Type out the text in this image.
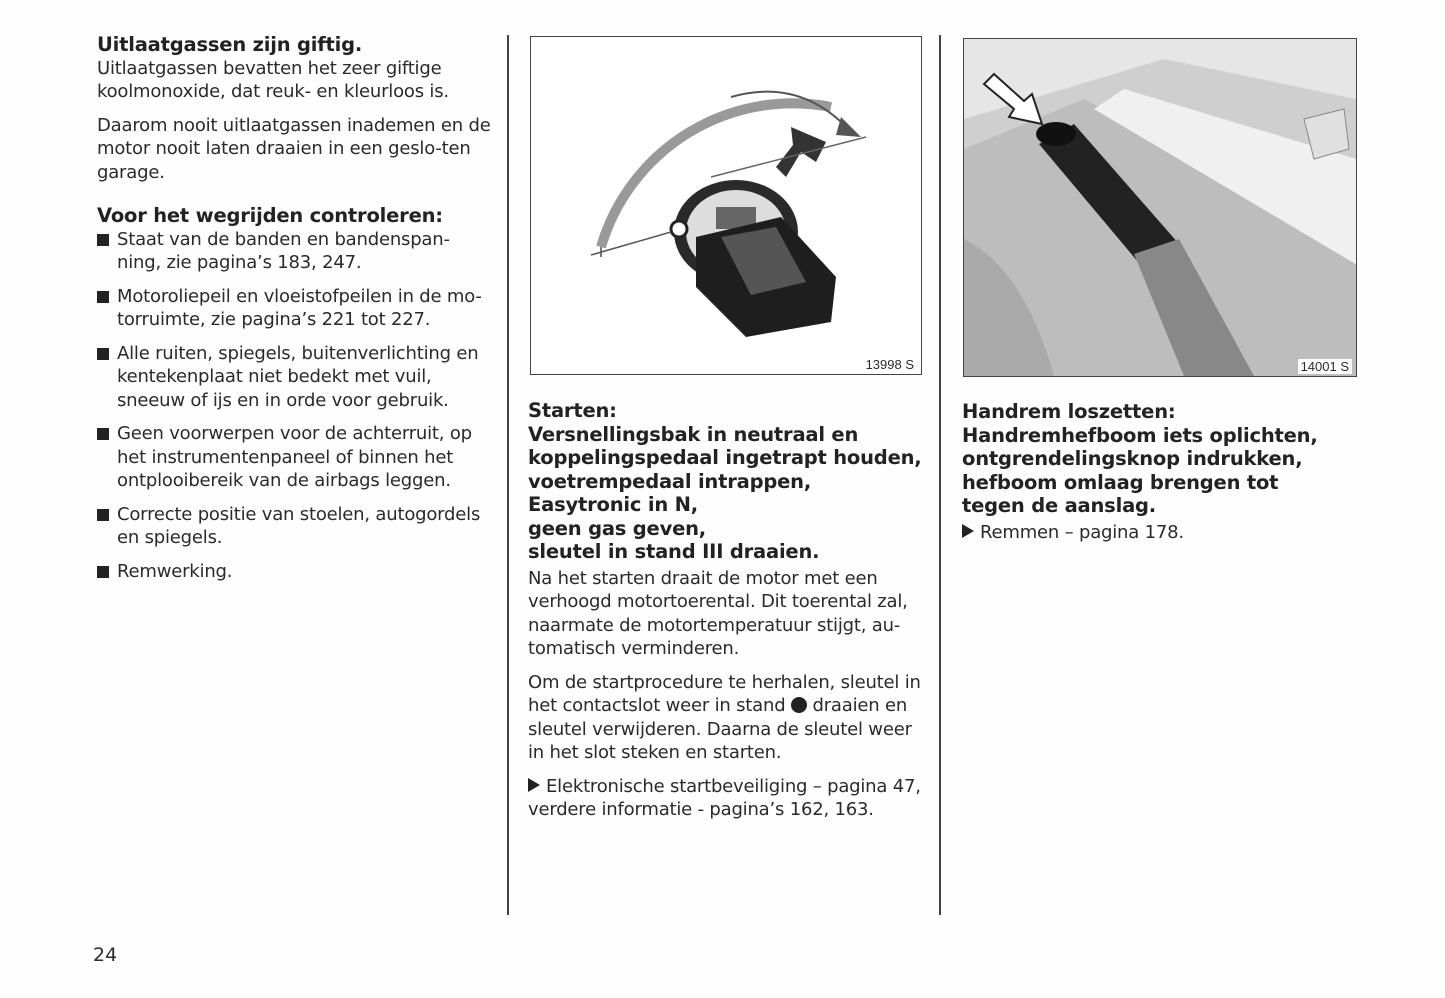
Uitlaatgassen zijn giftig.

Uitlaatgassen bevatten het zeer giftige koolmonoxide, dat reuk- en kleurloos is.

Daarom nooit uitlaatgassen inademen en de motor nooit laten draaien in een geslo-ten garage.

Voor het wegrijden controleren:

Staat van de banden en bandenspan-ning, zie pagina’s 183, 247.
Motoroliepeil en vloeistofpeilen in de mo-torruimte, zie pagina’s 221 tot 227.
Alle ruiten, spiegels, buitenverlichting en kentekenplaat niet bedekt met vuil, sneeuw of ijs en in orde voor gebruik.
Geen voorwerpen voor de achterruit, op het instrumentenpaneel of binnen het ontplooibereik van de airbags leggen.
Correcte positie van stoelen, autogordels en spiegels.
Remwerking.
13998 S	14001 S

Starten:

Versnellingsbak in neutraal en

koppelingspedaal ingetrapt houden,

voetrempedaal intrappen,

Easytronic in N,

geen gas geven,

sleutel in stand III draaien.

Na het starten draait de motor met een verhoogd motortoerental. Dit toerental zal, naarmate de motortemperatuur stijgt, au-tomatisch verminderen.

Om de startprocedure te herhalen, sleutel in het contactslot weer in stand draaien en sleutel verwijderen. Daarna de sleutel weer in het slot steken en starten.

Elektronische startbeveiliging – pagina 47,

verdere informatie - pagina’s 162, 163.

Handrem loszetten:

Handremhefboom iets oplichten,

ontgrendelingsknop indrukken,

hefboom omlaag brengen tot

tegen de aanslag.

Remmen – pagina 178.

24
